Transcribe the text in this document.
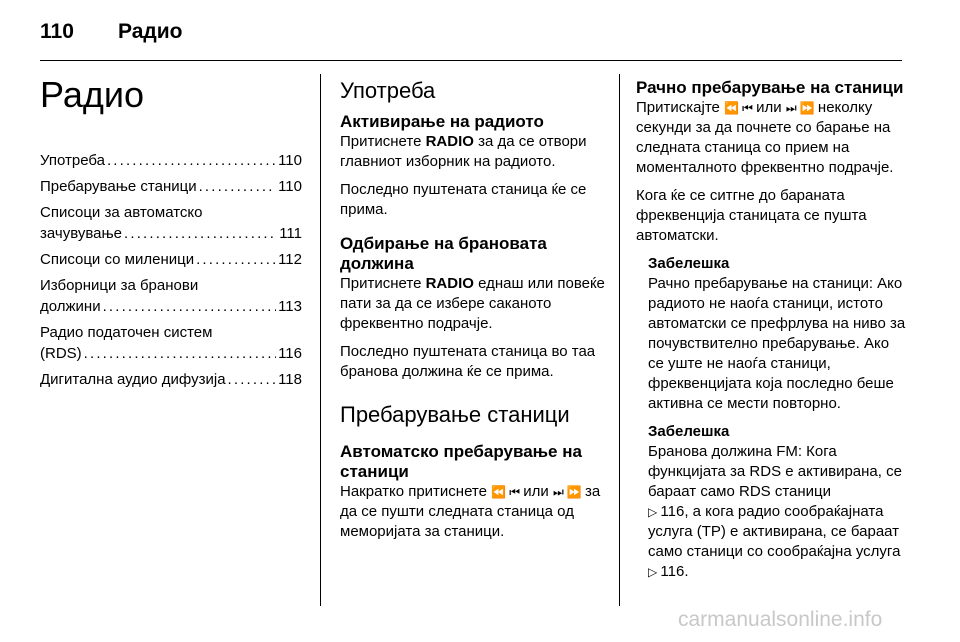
110 Радио
Радио
Употреба . . .	110
Пребарување станици . . .	110
Списоци за автоматско
зачувување . . .	111
Списоци со миленици . . .	112
Изборници за бранови
должини . . .	113
Радио податочен систем
(RDS) . . .	116
Дигитална аудио дифузија . . .	118
Употреба
Активирање на радиото

Притиснете RADIO за да се отвори главниот изборник на радиото.

Последно пуштената станица ќе се прима.

Одбирање на брановата должина

Притиснете RADIO еднаш или повеќе пати за да се избере саканото фреквентно подрачје.

Последно пуштената станица во таа бранова должина ќе се прима.

Пребарување станици
Автоматско пребарување на станици

Накратко притиснете ⏪ ⏮ или ⏭ ⏩ за да се пушти следната станица од меморијата за станици.

Рачно пребарување на станици

Притискајте ⏪ ⏮ или ⏭ ⏩ неколку секунди за да почнете со барање на следната станица со прием на моменталното фреквентно подрачје.

Кога ќе се ситгне до бараната фреквенција станицата се пушта автоматски.

Забелешка

Рачно пребарување на станици: Ако радиото не наоѓа станици, истото автоматски се префрлува на ниво за почувствително пребарување. Ако се уште не наоѓа станици, фреквенцијата која последно беше активна се мести повторно.

Забелешка

Бранова должина FM: Кога функцијата за RDS е активирана, се бараат само RDS станици
▷ 116, а кога радио сообраќајната услуга (TP) е активирана, се бараат само станици со сообраќајна услуга ▷ 116.

carmanualsonline.info
